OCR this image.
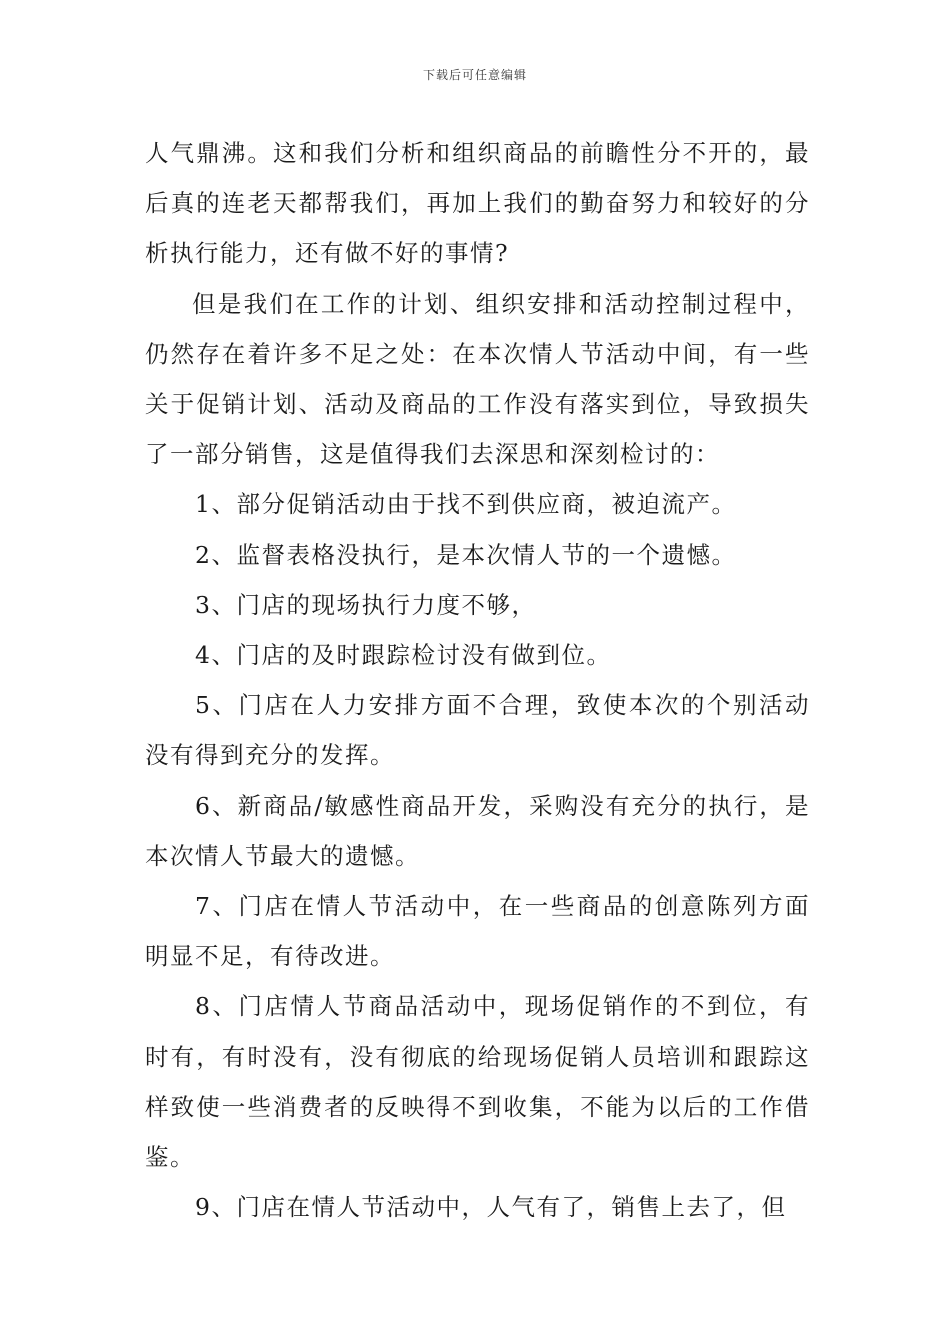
下载后可任意编辑

人气鼎沸。这和我们分析和组织商品的前瞻性分不开的，最后真的连老天都帮我们，再加上我们的勤奋努力和较好的分析执行能力，还有做不好的事情?

但是我们在工作的计划、组织安排和活动控制过程中，仍然存在着许多不足之处：在本次情人节活动中间，有一些关于促销计划、活动及商品的工作没有落实到位，导致损失了一部分销售，这是值得我们去深思和深刻检讨的：

1、部分促销活动由于找不到供应商，被迫流产。

2、监督表格没执行，是本次情人节的一个遗憾。

3、门店的现场执行力度不够，

4、门店的及时跟踪检讨没有做到位。

5、门店在人力安排方面不合理，致使本次的个别活动没有得到充分的发挥。

6、新商品/敏感性商品开发，采购没有充分的执行，是本次情人节最大的遗憾。

7、门店在情人节活动中，在一些商品的创意陈列方面明显不足，有待改进。

8、门店情人节商品活动中，现场促销作的不到位，有时有，有时没有，没有彻底的给现场促销人员培训和跟踪这样致使一些消费者的反映得不到收集，不能为以后的工作借鉴。

9、门店在情人节活动中，人气有了，销售上去了，但
